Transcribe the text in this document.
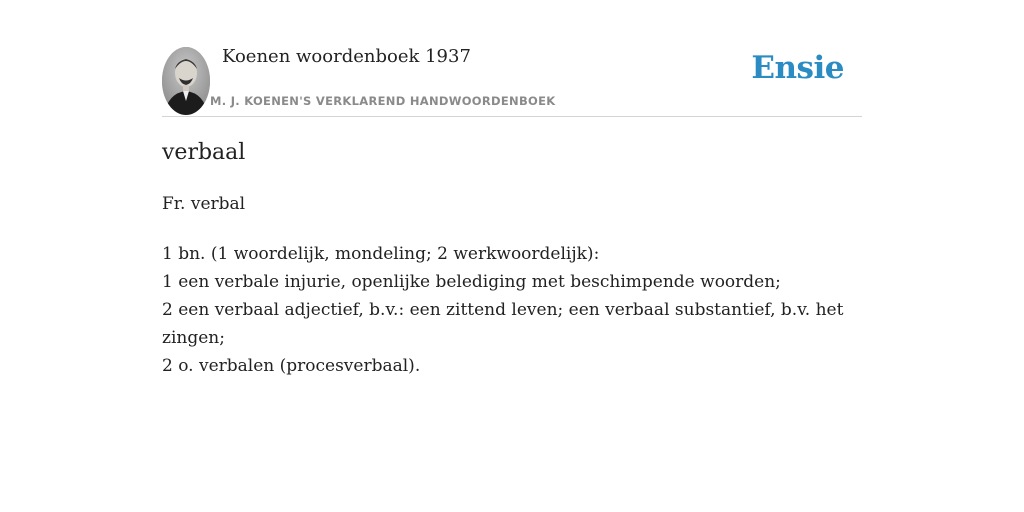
Koenen woordenboek 1937
M. J. KOENEN'S VERKLAREND HANDWOORDENBOEK
Ensie
verbaal
Fr. verbal
1 bn. (1 woordelijk, mondeling; 2 werkwoordelijk):
1 een verbale injurie, openlijke belediging met beschimpende woorden;
2 een verbaal adjectief, b.v.: een zittend leven; een verbaal substantief, b.v. het zingen;
2 o. verbalen (procesverbaal).
